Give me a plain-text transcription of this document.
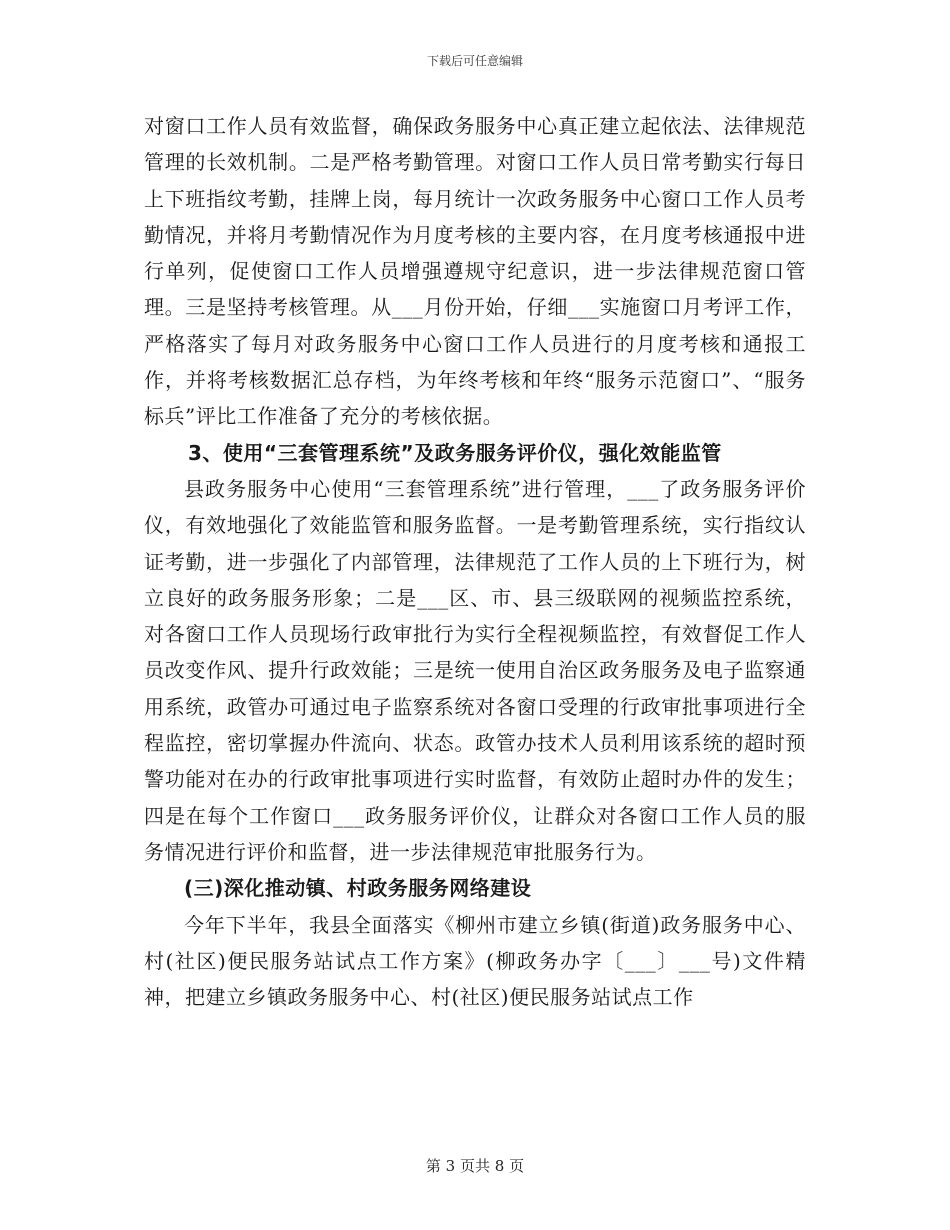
下载后可任意编辑

对窗口工作人员有效监督，确保政务服务中心真正建立起依法、法律规范管理的长效机制。二是严格考勤管理。对窗口工作人员日常考勤实行每日上下班指纹考勤，挂牌上岗，每月统计一次政务服务中心窗口工作人员考勤情况，并将月考勤情况作为月度考核的主要内容，在月度考核通报中进行单列，促使窗口工作人员增强遵规守纪意识，进一步法律规范窗口管理。三是坚持考核管理。从___月份开始，仔细___实施窗口月考评工作，严格落实了每月对政务服务中心窗口工作人员进行的月度考核和通报工作，并将考核数据汇总存档，为年终考核和年终“服务示范窗口”、“服务标兵”评比工作准备了充分的考核依据。

3、使用“三套管理系统”及政务服务评价仪，强化效能监管

县政务服务中心使用“三套管理系统”进行管理，___了政务服务评价仪，有效地强化了效能监管和服务监督。一是考勤管理系统，实行指纹认证考勤，进一步强化了内部管理，法律规范了工作人员的上下班行为，树立良好的政务服务形象；二是___区、市、县三级联网的视频监控系统，对各窗口工作人员现场行政审批行为实行全程视频监控，有效督促工作人员改变作风、提升行政效能；三是统一使用自治区政务服务及电子监察通用系统，政管办可通过电子监察系统对各窗口受理的行政审批事项进行全程监控，密切掌握办件流向、状态。政管办技术人员利用该系统的超时预警功能对在办的行政审批事项进行实时监督，有效防止超时办件的发生；四是在每个工作窗口___政务服务评价仪，让群众对各窗口工作人员的服务情况进行评价和监督，进一步法律规范审批服务行为。

(三)深化推动镇、村政务服务网络建设

今年下半年，我县全面落实《柳州市建立乡镇(街道)政务服务中心、村(社区)便民服务站试点工作方案》(柳政务办字〔___〕___号)文件精神，把建立乡镇政务服务中心、村(社区)便民服务站试点工作

第 3 页共 8 页
